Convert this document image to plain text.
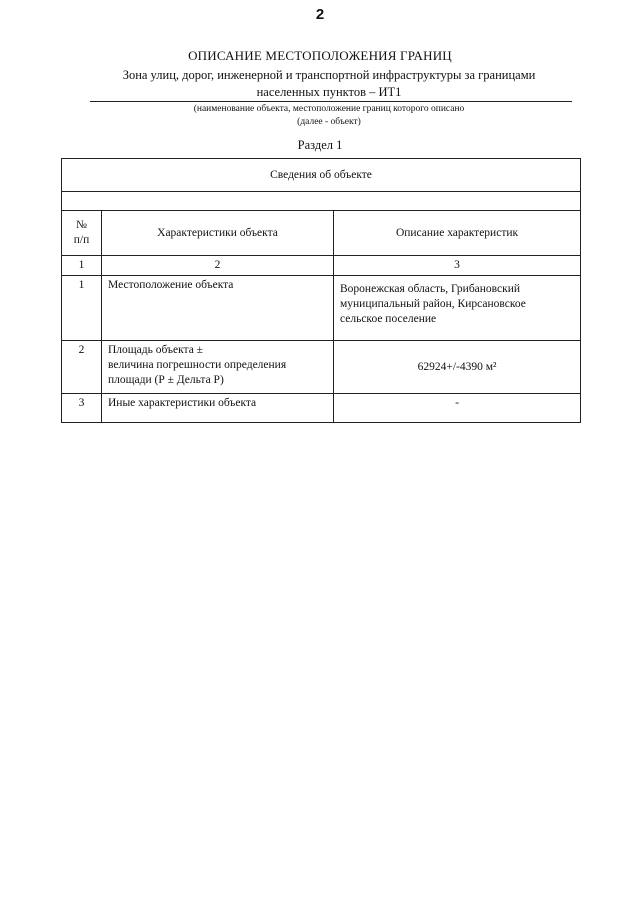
2
ОПИСАНИЕ МЕСТОПОЛОЖЕНИЯ ГРАНИЦ
Зона улиц, дорог, инженерной и транспортной инфраструктуры за границами
населенных пунктов – ИТ1
(наименование объекта, местоположение границ которого описано
(далее - объект)
Раздел 1
Сведения об объекте		

№
п/п	Характеристики объекта	Описание характеристик
1	2	3
1	Местоположение объекта	Воронежская область, Грибановский
муниципальный район, Кирсановское
сельское поселение

2	Площадь объекта ±
величина погрешности определения
площади (Р ± Дельта Р)	62924+/-4390 м²
3	Иные характеристики объекта	-
